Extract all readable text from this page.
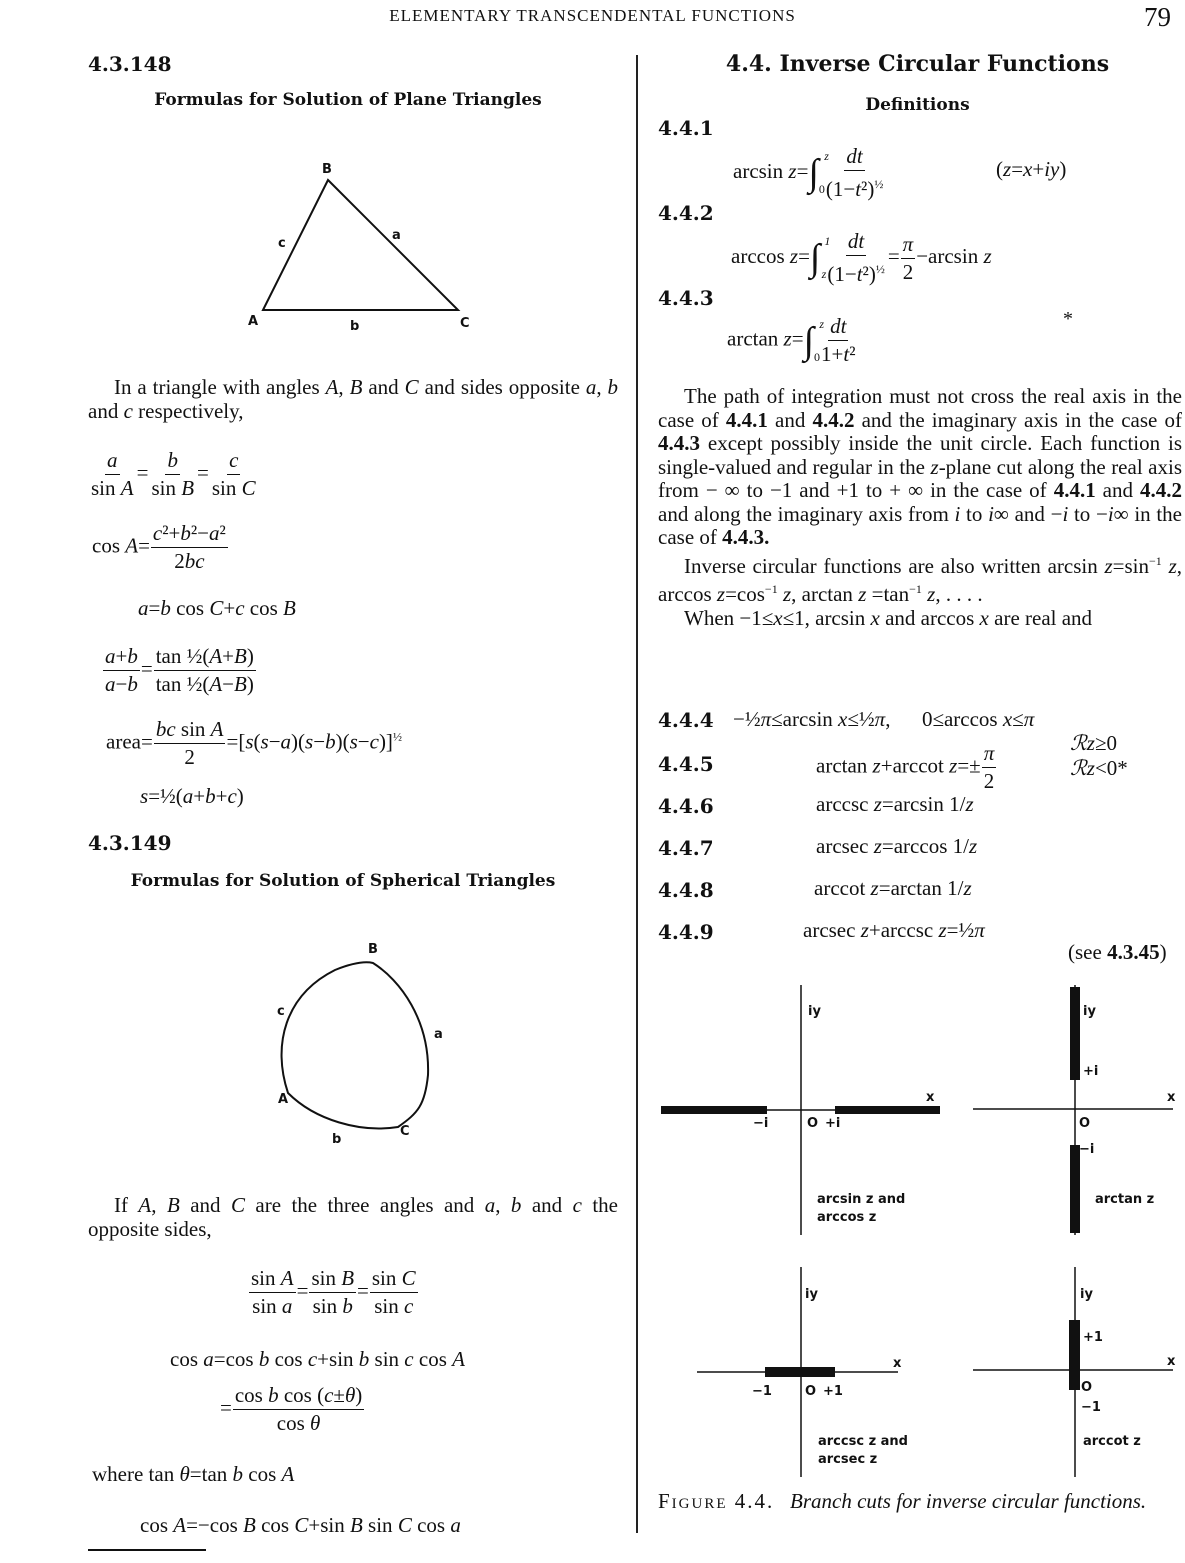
ELEMENTARY TRANSCENDENTAL FUNCTIONS	79
4.3.148
Formulas for Solution of Plane Triangles
B
c
a
A	b	C

In a triangle with angles A, B and C and sides opposite a, b and c respectively,

$\frac{a}{\text{sin A}} = \frac{b}{\text{sin B}} = \frac{c}{\text{sin C}}$
$\cos A= \frac{\text{c²+b²−a²}}{2bc}$
a=b cos C+c cos B
$\frac{a+b}{a-b} = \frac{\text{tan ½(A+B)}}{\text{tan ½(A−B)}}$
area= $\frac{\text{bc sin A}}{2} =[s(s-a)(s-b)(s-c)]^{\frac{1}{2}}$
s=½(a+b+c)
4.3.149
Formulas for Solution of Spherical Triangles
B
c
a
A
b
C

If A, B and C are the three angles and a, b and c the opposite sides,

$\frac{\text{sin A}}{\text{sin a}} = \frac{\text{sin B}}{\text{sin b}} = \frac{\text{sin C}}{\text{sin c}}$
cos a=cos b cos c+sin b sin c cos A
= $\frac{\text{cos b cos (c±θ)}}{\text{cos θ}}$
where tan θ=tan b cos A
cos A=−cos B cos C+sin B sin C cos a
4.4. Inverse Circular Functions
Definitions
4.4.1
arcsin z=∫ z
$0 \frac{dt}{(1-t^2)^{\frac{1}{2}}}$	(z=x+iy)
4.4.2
arccos z=∫ 1
z $\frac{dt}{(1-t^2)^{\frac{1}{2}}} = \frac{\pi}{2} -\arcsin$ z
4.4.3
arctan z=∫ z
$0 \frac{dt}{\text{1+t²}}$	*

The path of integration must not cross the real axis in the case of 4.4.1 and 4.4.2 and the imaginary axis in the case of 4.4.3 except possibly inside the unit circle. Each function is single-valued and regular in the z-plane cut along the real axis from − ∞ to −1 and +1 to + ∞ in the case of 4.4.1 and 4.4.2 and along the imaginary axis from i to i∞ and −i to −i∞ in the case of 4.4.3.

Inverse circular functions are also written $\arcsin z=\sin^{-1}$ z, $\arccos z=\cos^{-1}$ z, $\arctan z =\tan^{-1}$ z, . . . .

When −1≤x≤1, arcsin x and arccos x are real and

4.4.4 −½π≤arcsin x≤½π,      0≤arccos x≤π
4.4.5	arctan z+arccot $z=\pm \frac{\pi}{2}$	ℛz≥0
ℛz<0*
4.4.6	arccsc z=arcsin 1/z
4.4.7	arcsec z=arccos 1/z
4.4.8	arccot z=arctan 1/z
4.4.9	arcsec z+arccsc z=½π
(see 4.3.45)
iy
x
−i	O +i
arcsin z and
arccos z
iy
+i
x
O
−i
arctan z
iy
x
−1	O +1
arccsc z and
arcsec z
iy
+1
x
O
−1
arccot z
Figure 4.4. Branch cuts for inverse circular functions.
